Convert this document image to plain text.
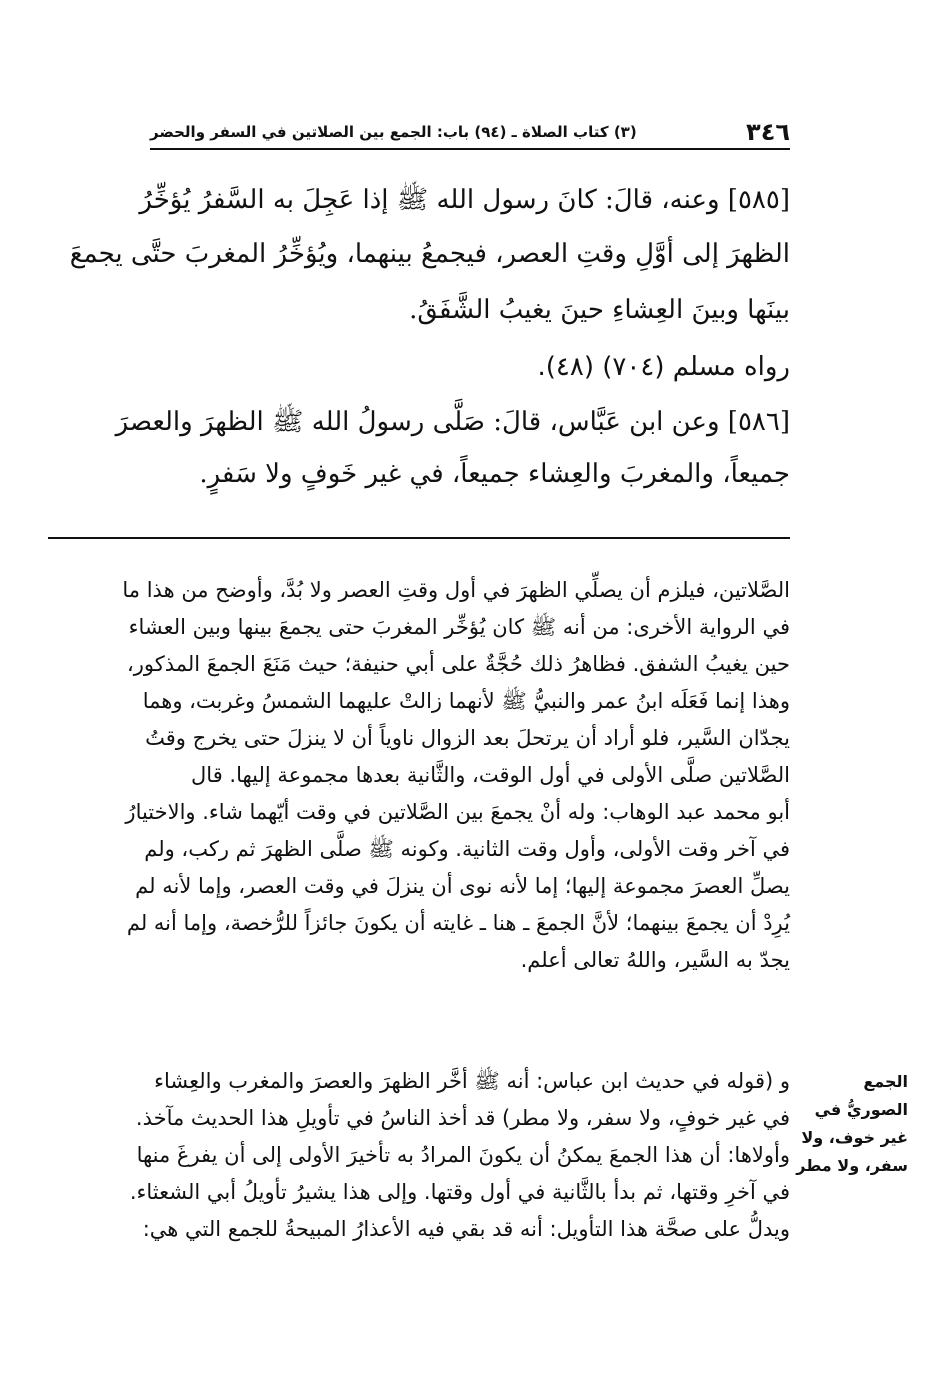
٣٤٦
(٣) كتاب الصلاة ـ (٩٤) باب: الجمع بين الصلاتين في السفر والحضر
[٥٨٥] وعنه، قالَ: كانَ رسول الله ﷺ إذا عَجِلَ به السَّفرُ يُؤخِّرُ
الظهرَ إلى أوَّلِ وقتِ العصر، فيجمعُ بينهما، ويُؤخِّرُ المغربَ حتَّى يجمعَ
بينَها وبينَ العِشاءِ حينَ يغيبُ الشَّفَقُ.
رواه مسلم (٧٠٤) (٤٨).
[٥٨٦] وعن ابن عَبَّاس، قالَ: صَلَّى رسولُ الله ﷺ الظهرَ والعصرَ
جميعاً، والمغربَ والعِشاء جميعاً، في غير خَوفٍ ولا سَفرٍ.
الصَّلاتين، فيلزم أن يصلِّي الظهرَ في أول وقتِ العصر ولا بُدَّ، وأوضح من هذا ما
في الرواية الأخرى: من أنه ﷺ كان يُؤخِّر المغربَ حتى يجمعَ بينها وبين العشاء
حين يغيبُ الشفق. فظاهرُ ذلك حُجَّةٌ على أبي حنيفة؛ حيث مَنَعَ الجمعَ المذكور،
وهذا إنما فَعَلَه ابنُ عمر والنبيُّ ﷺ لأنهما زالتْ عليهما الشمسُ وغربت، وهما
يجدّان السَّير، فلو أراد أن يرتحلَ بعد الزوال ناوياً أن لا ينزلَ حتى يخرج وقتُ
الصَّلاتين صلَّى الأولى في أول الوقت، والثَّانية بعدها مجموعة إليها. قال
أبو محمد عبد الوهاب: وله أنْ يجمعَ بين الصَّلاتين في وقت أيّهما شاء. والاختيارُ
في آخر وقت الأولى، وأول وقت الثانية. وكونه ﷺ صلَّى الظهرَ ثم ركب، ولم
يصلِّ العصرَ مجموعة إليها؛ إما لأنه نوى أن ينزلَ في وقت العصر، وإما لأنه لم
يُرِدْ أن يجمعَ بينهما؛ لأنَّ الجمعَ ـ هنا ـ غايته أن يكونَ جائزاً للرُّخصة، وإما أنه لم
يجدّ به السَّير، واللهُ تعالى أعلم.
و (قوله في حديث ابن عباس: أنه ﷺ أخَّر الظهرَ والعصرَ والمغرب والعِشاء
في غير خوفٍ، ولا سفر، ولا مطر) قد أخذ الناسُ في تأويلِ هذا الحديث مآخذ.
وأولاها: أن هذا الجمعَ يمكنُ أن يكونَ المرادُ به تأخيرَ الأولى إلى أن يفرغَ منها
في آخرِ وقتها، ثم بدأ بالثَّانية في أول وقتها. وإلى هذا يشيرُ تأويلُ أبي الشعثاء.
ويدلُّ على صحَّة هذا التأويل: أنه قد بقي فيه الأعذارُ المبيحةُ للجمع التي هي:
الجمع
الصوريُّ في
غير خوف، ولا
سفر، ولا مطر
